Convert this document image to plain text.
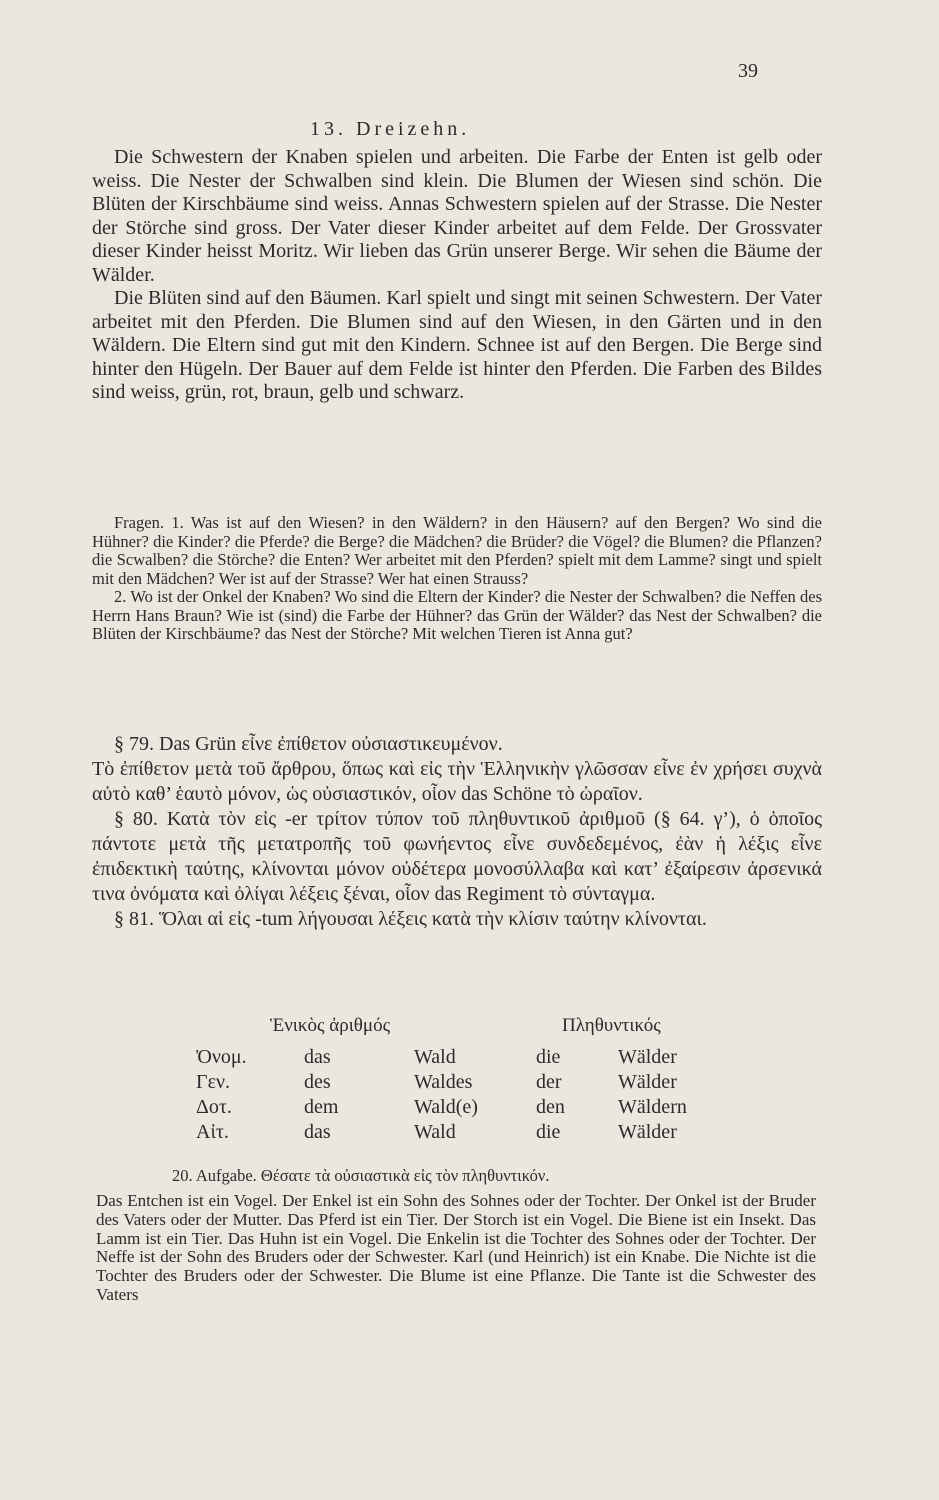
39
13. Dreizehn.

Die Schwestern der Knaben spielen und arbeiten. Die Farbe der Enten ist gelb oder weiss. Die Nester der Schwalben sind klein. Die Blumen der Wiesen sind schön. Die Blüten der Kirschbäume sind weiss. Annas Schwestern spielen auf der Strasse. Die Nester der Störche sind gross. Der Vater dieser Kinder arbeitet auf dem Felde. Der Grossvater dieser Kinder heisst Moritz. Wir lieben das Grün unserer Berge. Wir sehen die Bäume der Wälder.

Die Blüten sind auf den Bäumen. Karl spielt und singt mit seinen Schwestern. Der Vater arbeitet mit den Pferden. Die Blumen sind auf den Wiesen, in den Gärten und in den Wäldern. Die Eltern sind gut mit den Kindern. Schnee ist auf den Bergen. Die Berge sind hinter den Hügeln. Der Bauer auf dem Felde ist hinter den Pferden. Die Farben des Bildes sind weiss, grün, rot, braun, gelb und schwarz.

Fragen. 1. Was ist auf den Wiesen? in den Wäldern? in den Häusern? auf den Bergen? Wo sind die Hühner? die Kinder? die Pferde? die Berge? die Mädchen? die Brüder? die Vögel? die Blumen? die Pflanzen? die Scwalben? die Störche? die Enten? Wer arbeitet mit den Pferden? spielt mit dem Lamme? singt und spielt mit den Mädchen? Wer ist auf der Strasse? Wer hat einen Strauss?

2. Wo ist der Onkel der Knaben? Wo sind die Eltern der Kinder? die Nester der Schwalben? die Neffen des Herrn Hans Braun? Wie ist (sind) die Farbe der Hühner? das Grün der Wälder? das Nest der Schwalben? die Blüten der Kirschbäume? das Nest der Störche? Mit welchen Tieren ist Anna gut?

§ 79. Das Grün εἶνε ἐπίθετον οὐσιαστικευμένον.

Τὸ ἐπίθετον μετὰ τοῦ ἄρθρου, ὅπως καὶ εἰς τὴν Ἑλληνικὴν γλῶσσαν εἶνε ἐν χρήσει συχνὰ αὐτὸ καθ’ ἑαυτὸ μόνον, ὡς οὐσιαστικόν, οἷον das Schöne τὸ ὡραῖον.

§ 80. Κατὰ τὸν εἰς -er τρίτον τύπον τοῦ πληθυντικοῦ ἀριθμοῦ (§ 64. γ’), ὁ ὁποῖος πάντοτε μετὰ τῆς μετατροπῆς τοῦ φωνήεντος εἶνε συνδεδεμένος, ἐὰν ἡ λέξις εἶνε ἐπιδεκτικὴ ταύτης, κλίνονται μόνον οὐδέτερα μονοσύλλαβα καὶ κατ’ ἐξαίρεσιν ἀρσενικά τινα ὀνόματα καὶ ὀλίγαι λέξεις ξέναι, οἷον das Regiment τὸ σύνταγμα.

§ 81. Ὅλαι αἱ εἰς -tum λήγουσαι λέξεις κατὰ τὴν κλίσιν ταύτην κλίνονται.

Ἑνικὸς ἀριθμός	Πληθυντικός
Ὀνομ.	das	Wald	die	Wälder
Γεν.	des	Waldes	der	Wälder
Δοτ.	dem	Wald(e)	den	Wäldern
Αἰτ.	das	Wald	die	Wälder
20. Aufgabe. Θέσατε τὰ οὐσιαστικὰ εἰς τὸν πληθυντικόν.
Das Entchen ist ein Vogel. Der Enkel ist ein Sohn des Sohnes oder der Tochter. Der Onkel ist der Bruder des Vaters oder der Mutter. Das Pferd ist ein Tier. Der Storch ist ein Vogel. Die Biene ist ein Insekt. Das Lamm ist ein Tier. Das Huhn ist ein Vogel. Die Enkelin ist die Tochter des Sohnes oder der Tochter. Der Neffe ist der Sohn des Bruders oder der Schwester. Karl (und Heinrich) ist ein Knabe. Die Nichte ist die Tochter des Bruders oder der Schwester. Die Blume ist eine Pflanze. Die Tante ist die Schwester des Vaters
